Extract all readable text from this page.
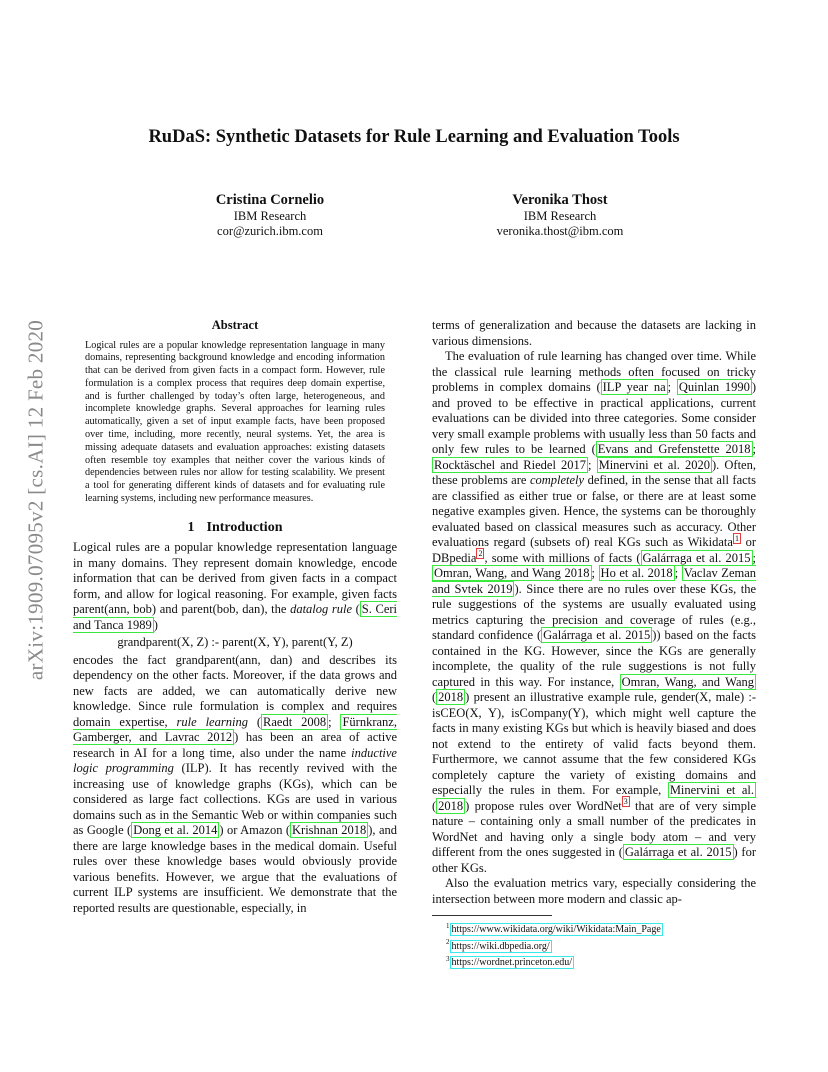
arXiv:1909.07095v2 [cs.AI] 12 Feb 2020
RuDaS: Synthetic Datasets for Rule Learning and Evaluation Tools
Cristina Cornelio
IBM Research
cor@zurich.ibm.com
Veronika Thost
IBM Research
veronika.thost@ibm.com
Abstract

Logical rules are a popular knowledge representation language in many domains, representing background knowledge and encoding information that can be derived from given facts in a compact form. However, rule formulation is a complex process that requires deep domain expertise, and is further challenged by today’s often large, heterogeneous, and incomplete knowledge graphs. Several approaches for learning rules automatically, given a set of input example facts, have been proposed over time, including, more recently, neural systems. Yet, the area is missing adequate datasets and evaluation approaches: existing datasets often resemble toy examples that neither cover the various kinds of dependencies between rules nor allow for testing scalability. We present a tool for generating different kinds of datasets and for evaluating rule learning systems, including new performance measures.

1 Introduction

Logical rules are a popular knowledge representation language in many domains. They represent domain knowledge, encode information that can be derived from given facts in a compact form, and allow for logical reasoning. For example, given facts parent(ann, bob) and parent(bob, dan), the datalog rule ( S. Ceri and Tanca 1989 )

grandparent(X, Z) :- parent(X, Y), parent(Y, Z)

encodes the fact grandparent(ann, dan) and describes its dependency on the other facts. Moreover, if the data grows and new facts are added, we can automatically derive new knowledge. Since rule formulation is complex and requires domain expertise, rule learning ( Raedt 2008 ; Fürnkranz, Gamberger, and Lavrac 2012 ) has been an area of active research in AI for a long time, also under the name inductive logic programming (ILP). It has recently revived with the increasing use of knowledge graphs (KGs), which can be considered as large fact collections. KGs are used in various domains such as in the Semantic Web or within companies such as Google ( Dong et al. 2014 ) or Amazon ( Krishnan 2018 ), and there are large knowledge bases in the medical domain. Useful rules over these knowledge bases would obviously provide various benefits. However, we argue that the evaluations of current ILP systems are insufficient. We demonstrate that the reported results are questionable, especially, in

terms of generalization and because the datasets are lacking in various dimensions.

The evaluation of rule learning has changed over time. While the classical rule learning methods often focused on tricky problems in complex domains ( ILP year na ; Quinlan 1990 ) and proved to be effective in practical applications, current evaluations can be divided into three categories. Some consider very small example problems with usually less than 50 facts and only few rules to be learned ( Evans and Grefenstette 2018 ; Rocktäschel and Riedel 2017 ; Minervini et al. 2020 ). Often, these problems are completely defined, in the sense that all facts are classified as either true or false, or there are at least some negative examples given. Hence, the systems can be thoroughly evaluated based on classical measures such as accuracy. Other evaluations regard (subsets of) real KGs such as Wikidata $^1$ or DBpedia $^2$ , some with millions of facts ( Galárraga et al. 2015 ; Omran, Wang, and Wang 2018 ; Ho et al. 2018 ; Vaclav Zeman and Svtek 2019 ). Since there are no rules over these KGs, the rule suggestions of the systems are usually evaluated using metrics capturing the precision and coverage of rules (e.g., standard confidence ( Galárraga et al. 2015 )) based on the facts contained in the KG. However, since the KGs are generally incomplete, the quality of the rule suggestions is not fully captured in this way. For instance, Omran, Wang, and Wang ( 2018 ) present an illustrative example rule, gender(X, male) :- isCEO(X, Y), isCompany(Y), which might well capture the facts in many existing KGs but which is heavily biased and does not extend to the entirety of valid facts beyond them. Furthermore, we cannot assume that the few considered KGs completely capture the variety of existing domains and especially the rules in them. For example, Minervini et al. ( 2018 ) propose rules over WordNet $^3$ that are of very simple nature – containing only a small number of the predicates in WordNet and having only a single body atom – and very different from the ones suggested in ( Galárraga et al. 2015 ) for other KGs.

Also the evaluation metrics vary, especially considering the intersection between more modern and classic ap-

$^1$ https://www.wikidata.org/wiki/Wikidata:Main_Page
$^2$ https://wiki.dbpedia.org/
$^3$ https://wordnet.princeton.edu/
